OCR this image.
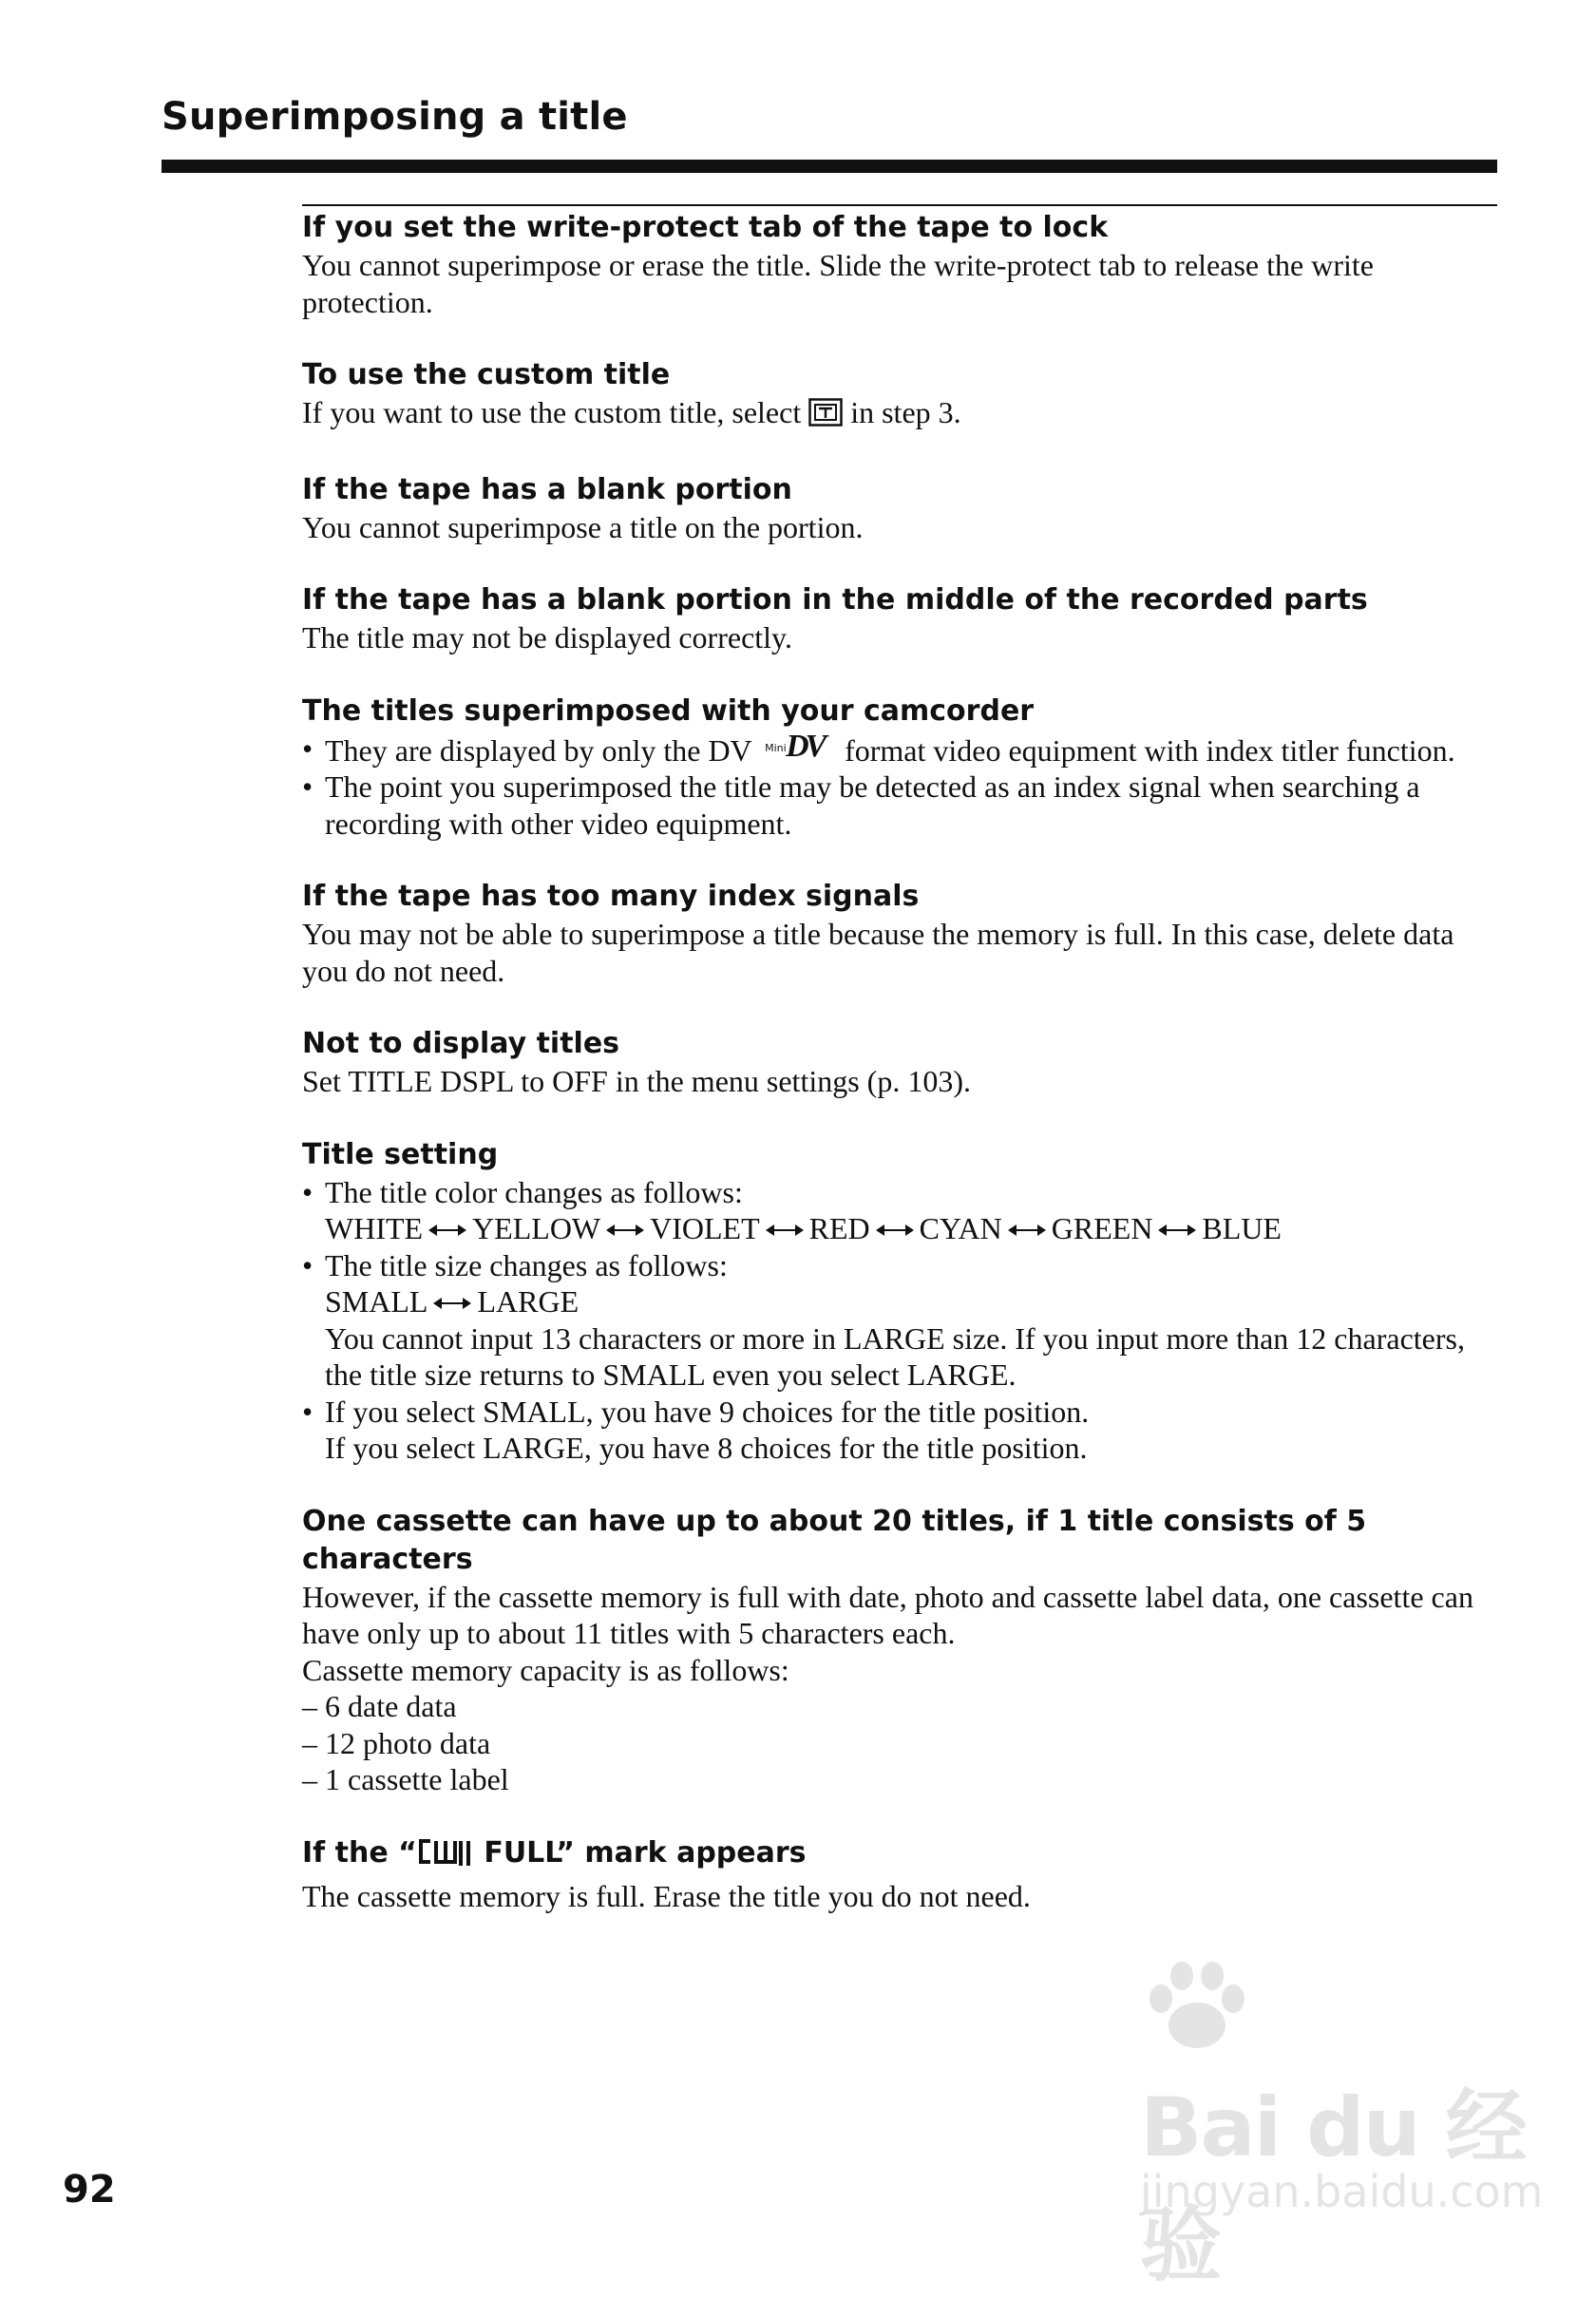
Superimposing a title

If you set the write-protect tab of the tape to lock

You cannot superimpose or erase the title. Slide the write-protect tab to release the write protection.

To use the custom title

If you want to use the custom title, select in step 3.

If the tape has a blank portion

You cannot superimpose a title on the portion.

If the tape has a blank portion in the middle of the recorded parts

The title may not be displayed correctly.

The titles superimposed with your camcorder

• They are displayed by only the DV Mini DV format video equipment with index titler function.
• The point you superimposed the title may be detected as an index signal when searching a recording with other video equipment.

If the tape has too many index signals

You may not be able to superimpose a title because the memory is full. In this case, delete data you do not need.

Not to display titles

Set TITLE DSPL to OFF in the menu settings (p. 103).

Title setting

• The title color changes as follows:
WHITE YELLOW VIOLET RED CYAN GREEN BLUE
• The title size changes as follows:
SMALL LARGE
You cannot input 13 characters or more in LARGE size. If you input more than 12 characters, the title size returns to SMALL even you select LARGE.
• If you select SMALL, you have 9 choices for the title position.
If you select LARGE, you have 8 choices for the title position.

One cassette can have up to about 20 titles, if 1 title consists of 5 characters

However, if the cassette memory is full with date, photo and cassette label data, one cassette can have only up to about 11 titles with 5 characters each.

Cassette memory capacity is as follows:

– 6 date data

– 12 photo data

– 1 cassette label

If the “ FULL” mark appears

The cassette memory is full. Erase the title you do not need.

92
Bai du 经验
jingyan.baidu.com
